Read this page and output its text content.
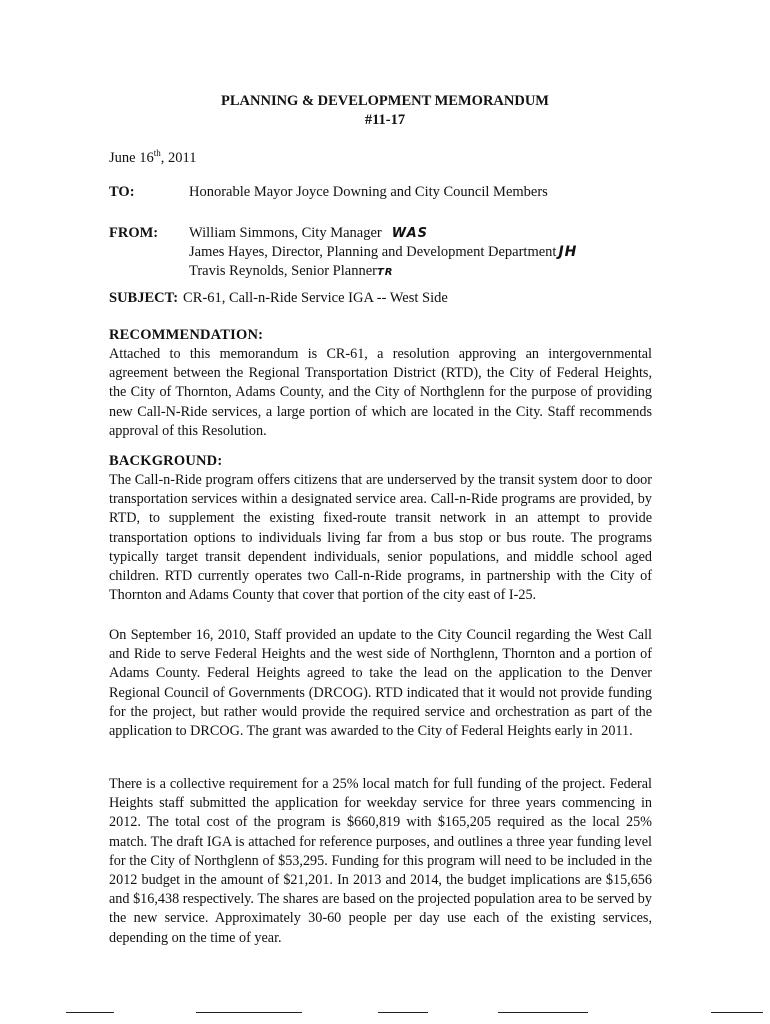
PLANNING & DEVELOPMENT MEMORANDUM
#11-17
June 16th, 2011
TO:	Honorable Mayor Joyce Downing and City Council Members
FROM: William Simmons, City Manager WAS
James Hayes, Director, Planning and Development Department JH
Travis Reynolds, Senior PlannerTR
SUBJECT: CR-61, Call-n-Ride Service IGA -- West Side
RECOMMENDATION:

Attached to this memorandum is CR-61, a resolution approving an intergovernmental agreement between the Regional Transportation District (RTD), the City of Federal Heights, the City of Thornton, Adams County, and the City of Northglenn for the purpose of providing new Call-N-Ride services, a large portion of which are located in the City. Staff recommends approval of this Resolution.

BACKGROUND:

The Call-n-Ride program offers citizens that are underserved by the transit system door to door transportation services within a designated service area. Call-n-Ride programs are provided, by RTD, to supplement the existing fixed-route transit network in an attempt to provide transportation options to individuals living far from a bus stop or bus route. The programs typically target transit dependent individuals, senior populations, and middle school aged children. RTD currently operates two Call-n-Ride programs, in partnership with the City of Thornton and Adams County that cover that portion of the city east of I-25.

On September 16, 2010, Staff provided an update to the City Council regarding the West Call and Ride to serve Federal Heights and the west side of Northglenn, Thornton and a portion of Adams County. Federal Heights agreed to take the lead on the application to the Denver Regional Council of Governments (DRCOG). RTD indicated that it would not provide funding for the project, but rather would provide the required service and orchestration as part of the application to DRCOG. The grant was awarded to the City of Federal Heights early in 2011.

There is a collective requirement for a 25% local match for full funding of the project. Federal Heights staff submitted the application for weekday service for three years commencing in 2012. The total cost of the program is $660,819 with $165,205 required as the local 25% match. The draft IGA is attached for reference purposes, and outlines a three year funding level for the City of Northglenn of $53,295. Funding for this program will need to be included in the 2012 budget in the amount of $21,201. In 2013 and 2014, the budget implications are $15,656 and $16,438 respectively. The shares are based on the projected population area to be served by the new service. Approximately 30-60 people per day use each of the existing services, depending on the time of year.
